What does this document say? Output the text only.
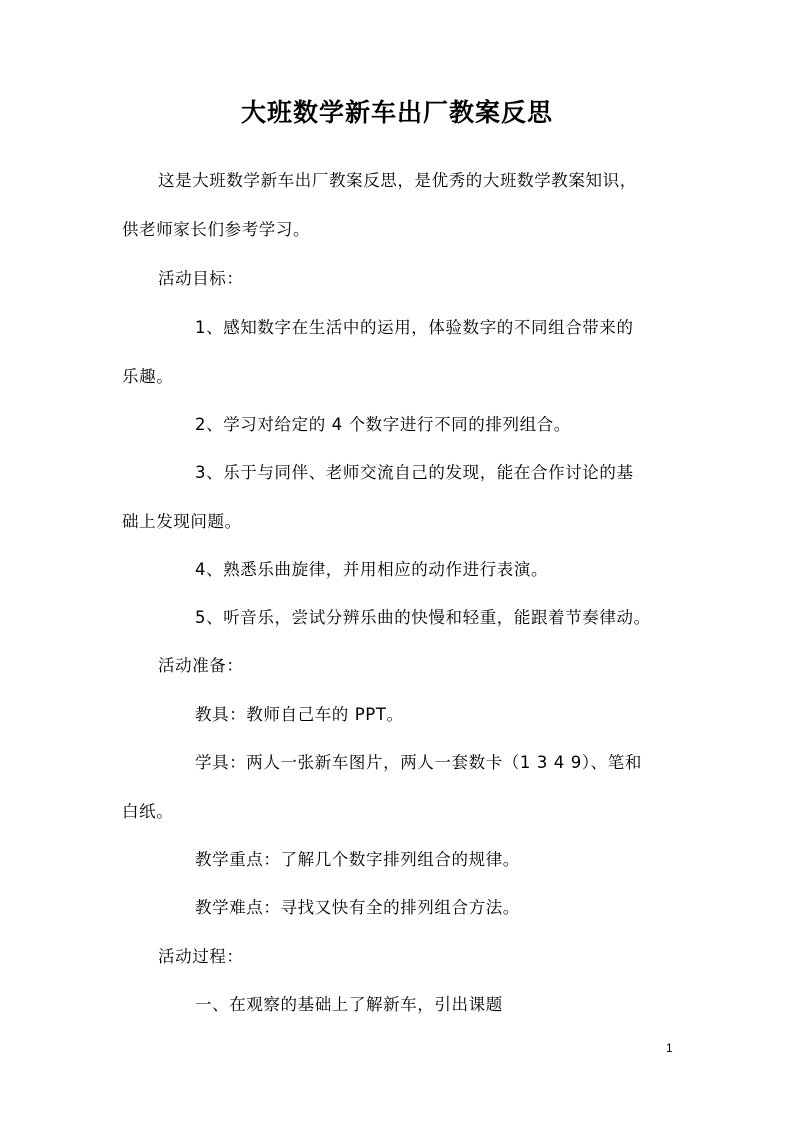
大班数学新车出厂教案反思
这是大班数学新车出厂教案反思，是优秀的大班数学教案知识，
供老师家长们参考学习。
活动目标：
1、感知数字在生活中的运用，体验数字的不同组合带来的
乐趣。
2、学习对给定的 4 个数字进行不同的排列组合。
3、乐于与同伴、老师交流自己的发现，能在合作讨论的基
础上发现问题。
4、熟悉乐曲旋律，并用相应的动作进行表演。
5、听音乐，尝试分辨乐曲的快慢和轻重，能跟着节奏律动。
活动准备：
教具：教师自己车的 PPT。
学具：两人一张新车图片，两人一套数卡（1 3 4 9）、笔和
白纸。
教学重点：了解几个数字排列组合的规律。
教学难点：寻找又快有全的排列组合方法。
活动过程：
一、在观察的基础上了解新车，引出课题
1
